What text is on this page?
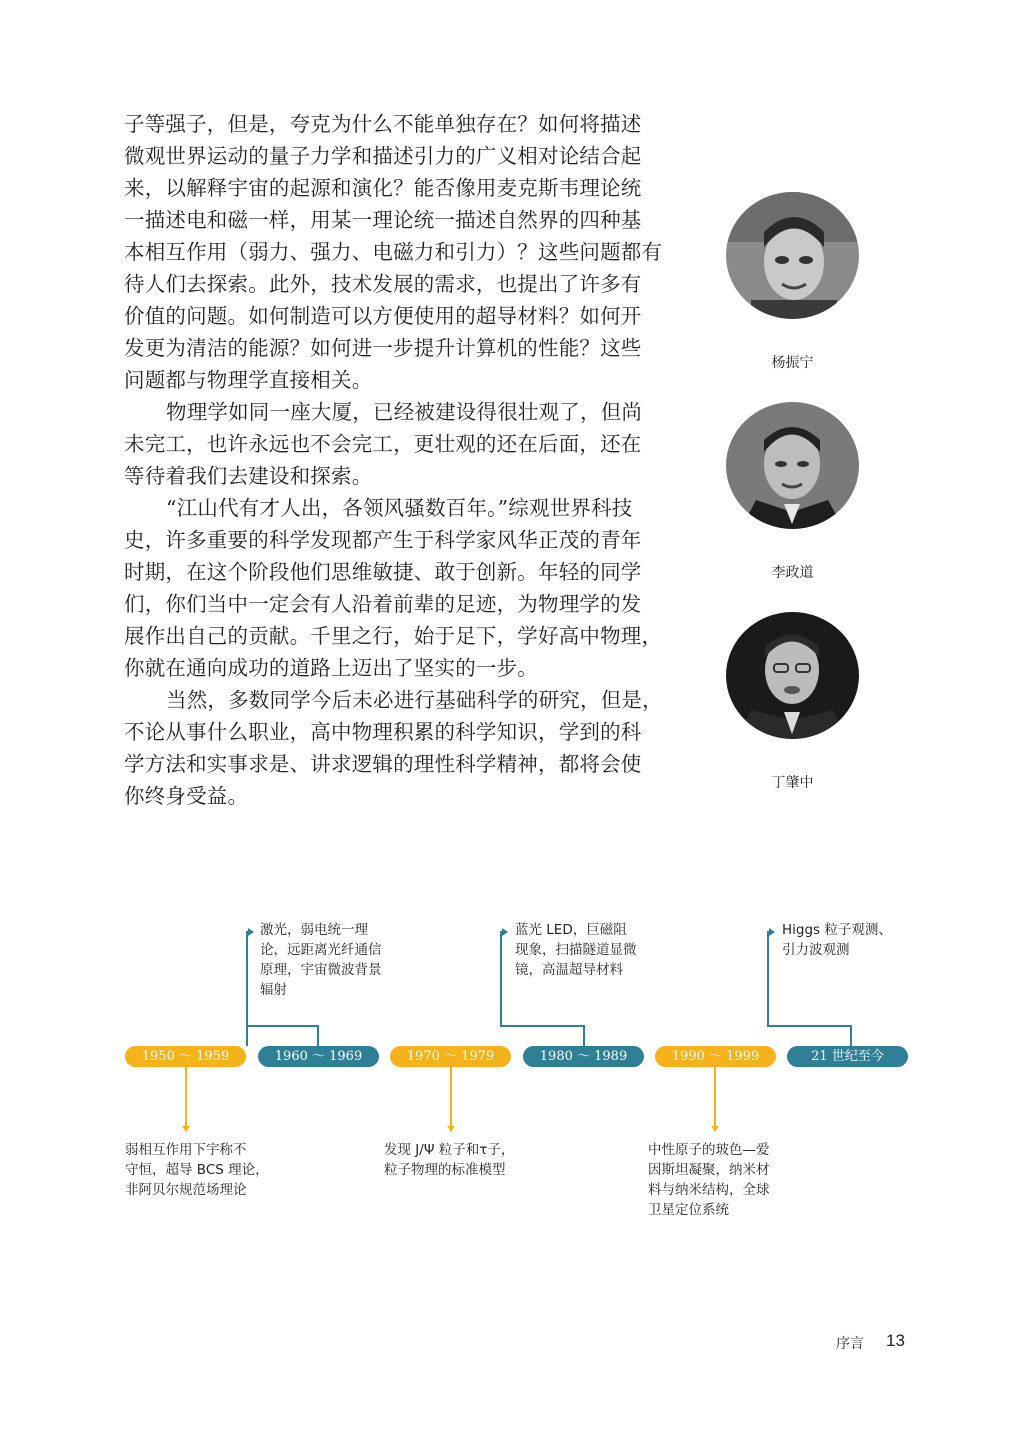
子等强子，但是，夸克为什么不能单独存在？如何将描述
微观世界运动的量子力学和描述引力的广义相对论结合起
来，以解释宇宙的起源和演化？能否像用麦克斯韦理论统
一描述电和磁一样，用某一理论统一描述自然界的四种基
本相互作用（弱力、强力、电磁力和引力）？这些问题都有
待人们去探索。此外，技术发展的需求，也提出了许多有
价值的问题。如何制造可以方便使用的超导材料？如何开
发更为清洁的能源？如何进一步提升计算机的性能？这些
问题都与物理学直接相关。
物理学如同一座大厦，已经被建设得很壮观了，但尚
未完工，也许永远也不会完工，更壮观的还在后面，还在
等待着我们去建设和探索。
“江山代有才人出，各领风骚数百年。”综观世界科技
史，许多重要的科学发现都产生于科学家风华正茂的青年
时期，在这个阶段他们思维敏捷、敢于创新。年轻的同学
们，你们当中一定会有人沿着前辈的足迹，为物理学的发
展作出自己的贡献。千里之行，始于足下，学好高中物理，
你就在通向成功的道路上迈出了坚实的一步。
当然，多数同学今后未必进行基础科学的研究，但是，
不论从事什么职业，高中物理积累的科学知识，学到的科
学方法和实事求是、讲求逻辑的理性科学精神，都将会使
你终身受益。
杨振宁
李政道
丁肇中
1950 ～ 1959	1960 ～ 1969	1970 ～ 1979	1980 ～ 1989	1990 ～ 1999	21 世纪至今
激光，弱电统一理
论，远距离光纤通信
原理，宇宙微波背景
辐射
蓝光 LED，巨磁阻
现象，扫描隧道显微
镜，高温超导材料
Higgs 粒子观测、
引力波观测
弱相互作用下宇称不
守恒，超导 BCS 理论，
非阿贝尔规范场理论
发现 J/Ψ 粒子和τ子，
粒子物理的标准模型
中性原子的玻色—爱
因斯坦凝聚，纳米材
料与纳米结构，全球
卫星定位系统
序言 13
